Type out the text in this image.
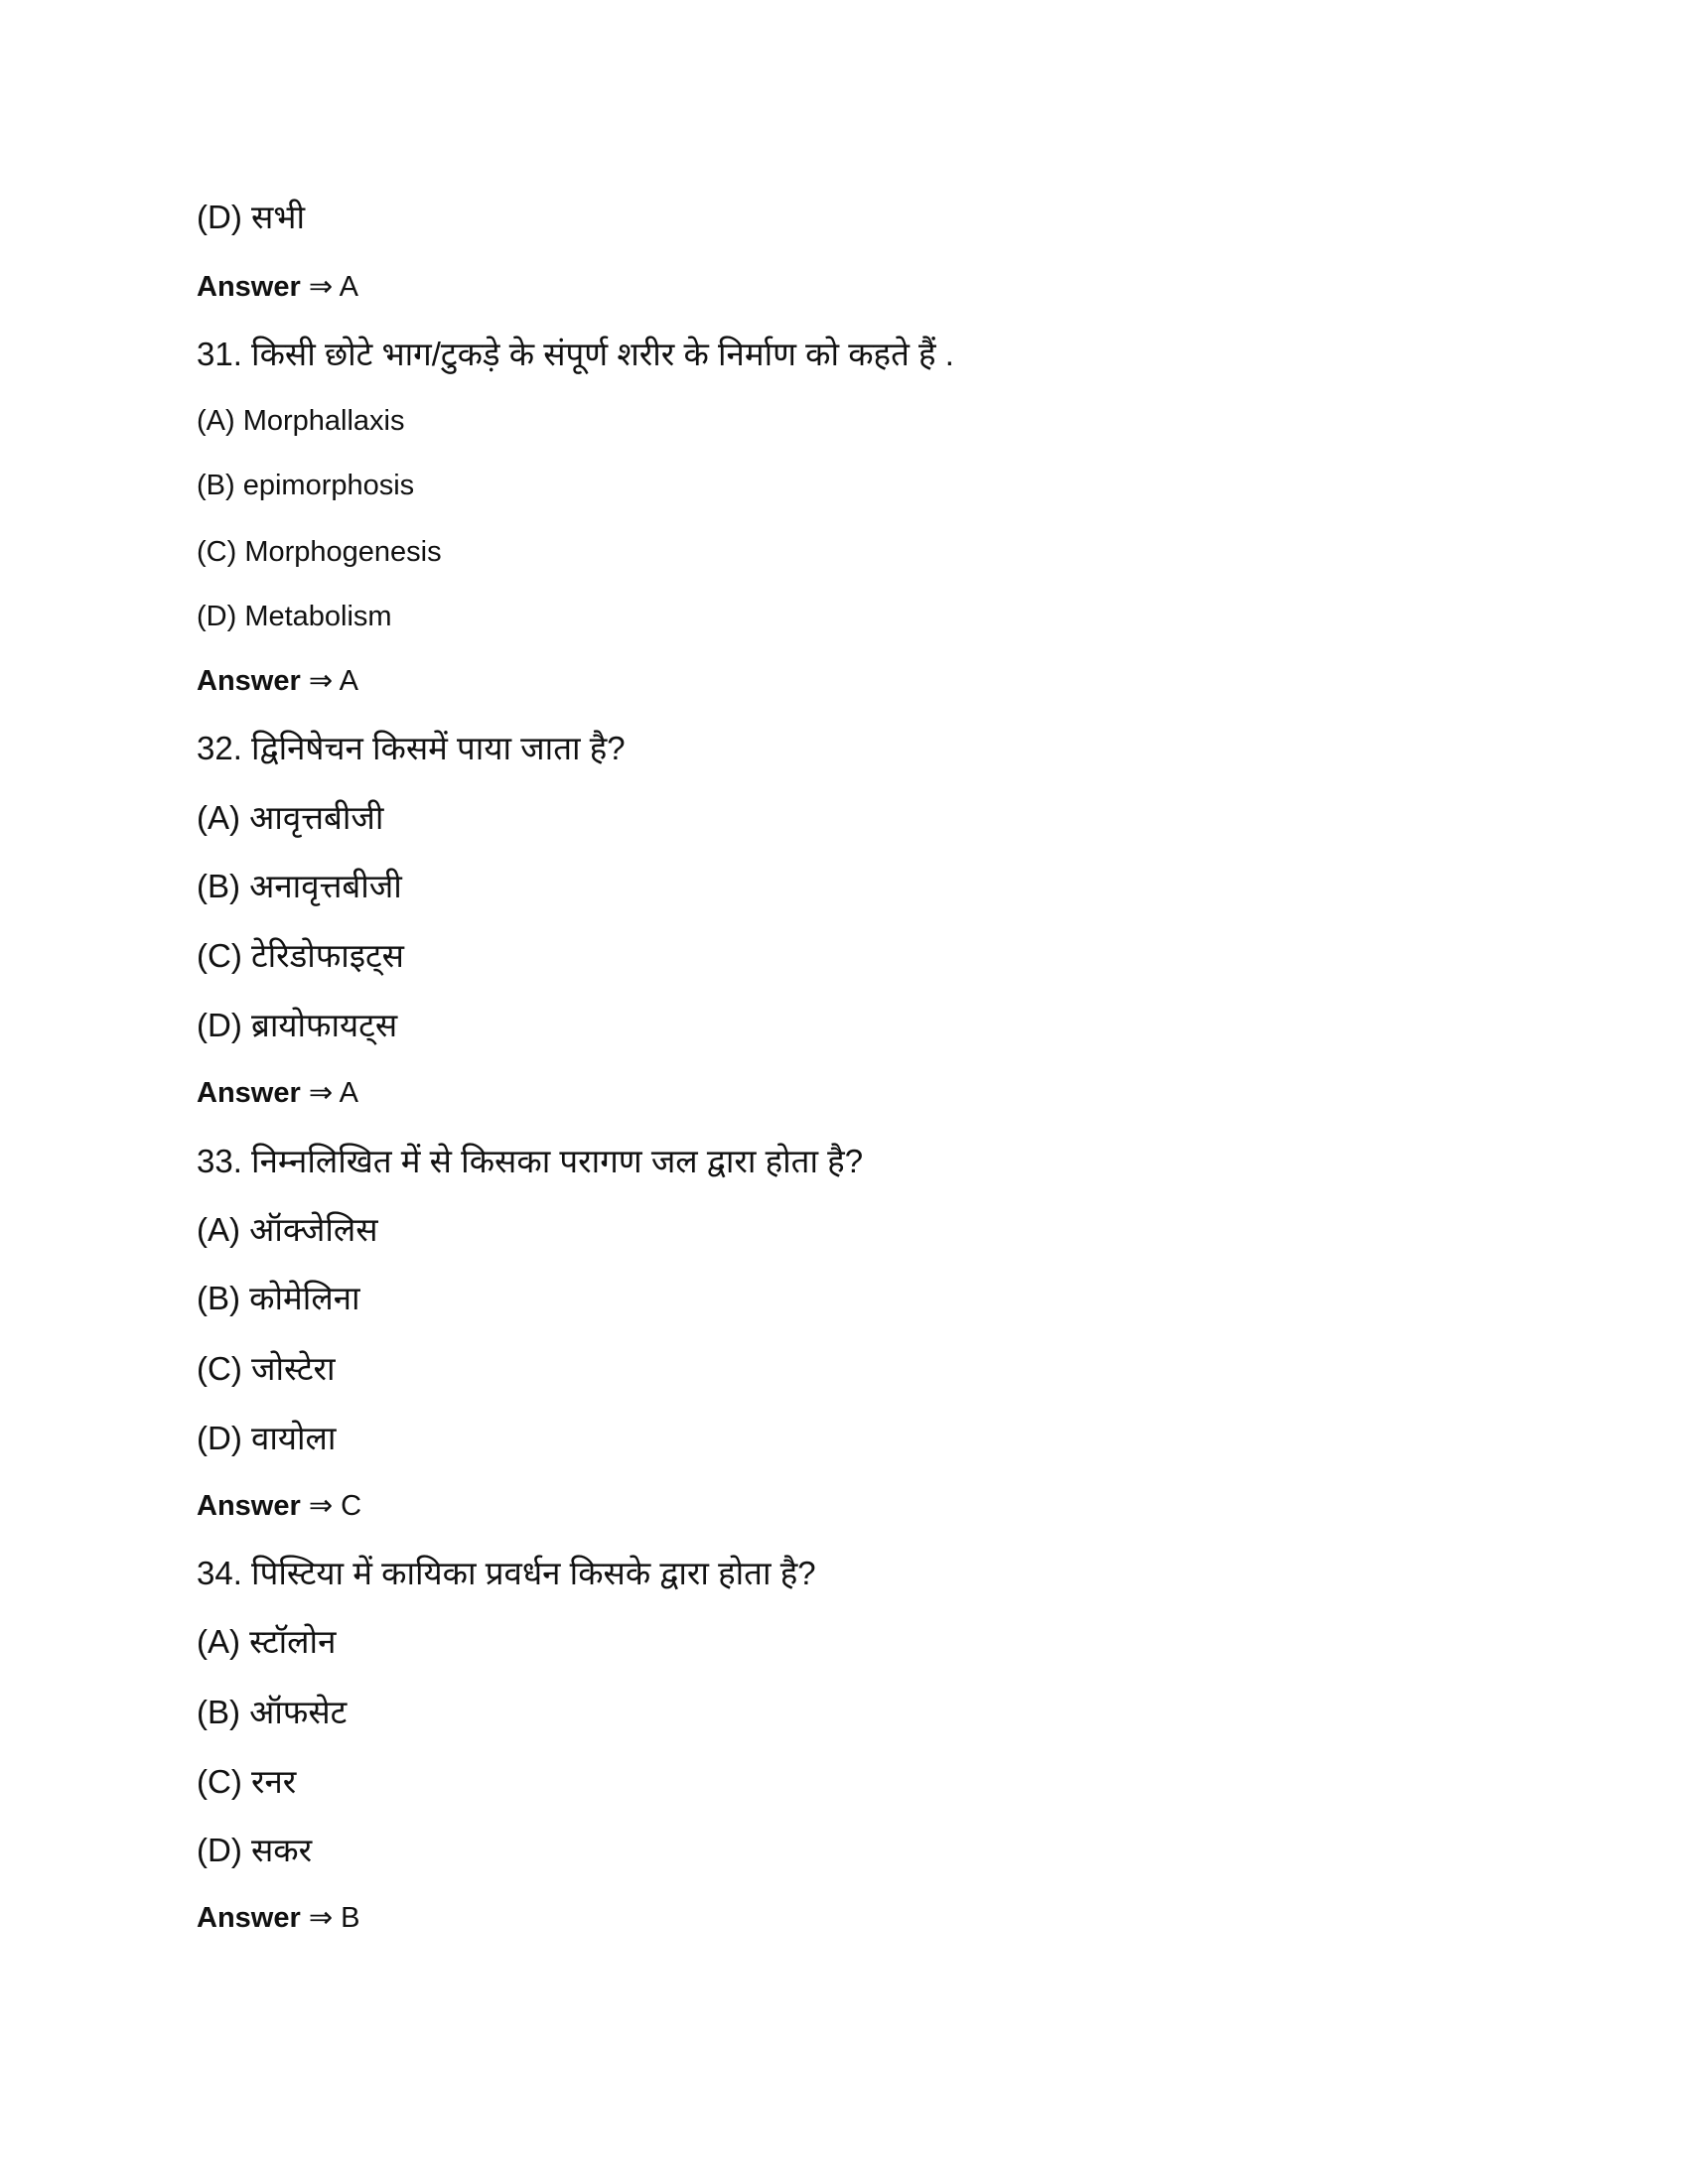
(D) सभी
Answer ⇒ A
31. किसी छोटे भाग/टुकड़े के संपूर्ण शरीर के निर्माण को कहते हैं .
(A) Morphallaxis
(B) epimorphosis
(C) Morphogenesis
(D) Metabolism
Answer ⇒ A
32. द्विनिषेचन किसमें पाया जाता है?
(A) आवृत्तबीजी
(B) अनावृत्तबीजी
(C) टेरिडोफाइट्स
(D) ब्रायोफायट्स
Answer ⇒ A
33. निम्नलिखित में से किसका परागण जल द्वारा होता है?
(A) ऑक्जेलिस
(B) कोमेलिना
(C) जोस्टेरा
(D) वायोला
Answer ⇒ C
34. पिस्टिया में कायिका प्रवर्धन किसके द्वारा होता है?
(A) स्टॉलोन
(B) ऑफसेट
(C) रनर
(D) सकर
Answer ⇒ B
